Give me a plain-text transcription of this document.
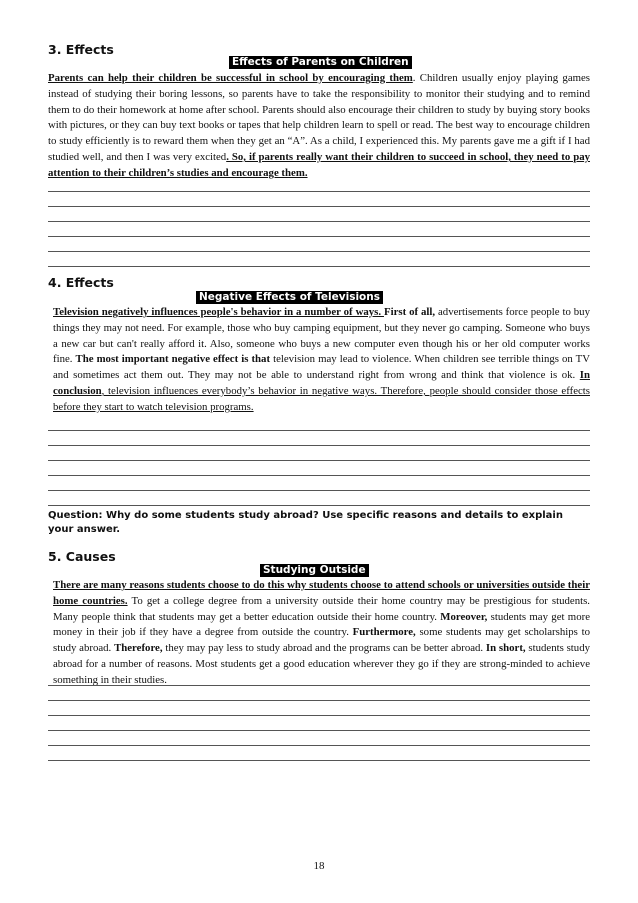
3. Effects
Effects of Parents on Children

Parents can help their children be successful in school by encouraging them. Children usually enjoy playing games instead of studying their boring lessons, so parents have to take the responsibility to monitor their studying and to remind them to do their homework at home after school. Parents should also encourage their children to study by buying story books with pictures, or they can buy text books or tapes that help children learn to spell or read. The best way to encourage children to study efficiently is to reward them when they get an “A”. As a child, I experienced this. My parents gave me a gift if I had studied well, and then I was very excited. So, if parents really want their children to succeed in school, they need to pay attention to their children’s studies and encourage them.

4. Effects
Negative Effects of Televisions

Television negatively influences people's behavior in a number of ways. First of all, advertisements force people to buy things they may not need. For example, those who buy camping equipment, but they never go camping. Someone who buys a new car but can't really afford it. Also, someone who buys a new computer even though his or her old computer works fine. The most important negative effect is that television may lead to violence. When children see terrible things on TV and sometimes act them out. They may not be able to understand right from wrong and think that violence is ok. In conclusion, television influences everybody’s behavior in negative ways. Therefore, people should consider those effects before they start to watch television programs.

Question: Why do some students study abroad? Use specific reasons and details to explain your answer.

5. Causes
Studying Outside

There are many reasons students choose to do this why students choose to attend schools or universities outside their home countries. To get a college degree from a university outside their home country may be prestigious for students. Many people think that students may get a better education outside their home country. Moreover, students may get more money in their job if they have a degree from outside the country. Furthermore, some students may get scholarships to study abroad. Therefore, they may pay less to study abroad and the programs can be better abroad. In short, students study abroad for a number of reasons. Most students get a good education wherever they go if they are strong-minded to achieve something in their studies.

18
